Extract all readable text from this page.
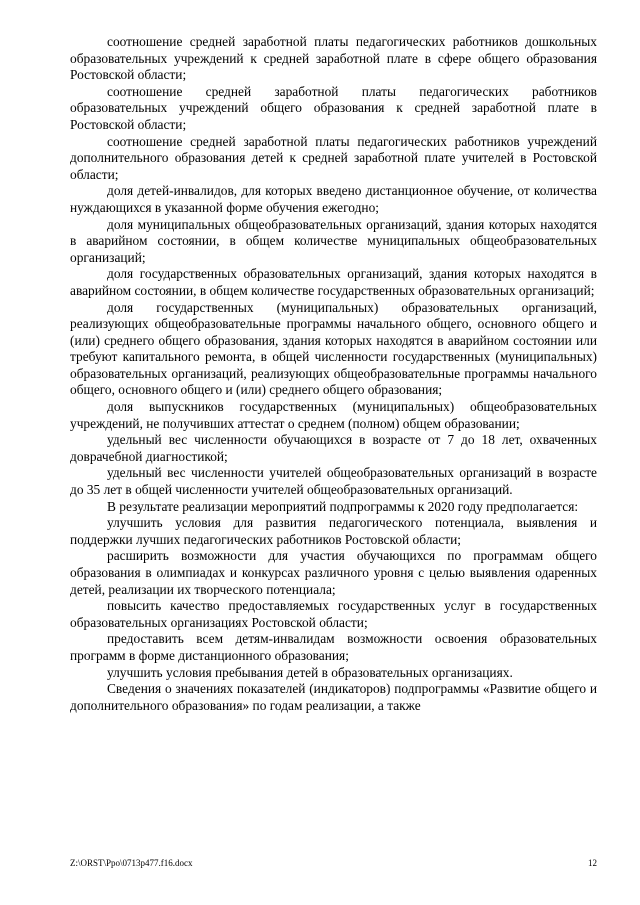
соотношение средней заработной платы педагогических работников дошкольных образовательных учреждений к средней заработной плате в сфере общего образования Ростовской области;

соотношение средней заработной платы педагогических работников образовательных учреждений общего образования к средней заработной плате в Ростовской области;

соотношение средней заработной платы педагогических работников учреждений дополнительного образования детей к средней заработной плате учителей в Ростовской области;

доля детей-инвалидов, для которых введено дистанционное обучение, от количества нуждающихся в указанной форме обучения ежегодно;

доля муниципальных общеобразовательных организаций, здания которых находятся в аварийном состоянии, в общем количестве муниципальных общеобразовательных организаций;

доля государственных образовательных организаций, здания которых находятся в аварийном состоянии, в общем количестве государственных образовательных организаций;

доля государственных (муниципальных) образовательных организаций, реализующих общеобразовательные программы начального общего, основного общего и (или) среднего общего образования, здания которых находятся в аварийном состоянии или требуют капитального ремонта, в общей численности государственных (муниципальных) образовательных организаций, реализующих общеобразовательные программы начального общего, основного общего и (или) среднего общего образования;

доля выпускников государственных (муниципальных) общеобразовательных учреждений, не получивших аттестат о среднем (полном) общем образовании;

удельный вес численности обучающихся в возрасте от 7 до 18 лет, охваченных доврачебной диагностикой;

удельный вес численности учителей общеобразовательных организаций в возрасте до 35 лет в общей численности учителей общеобразовательных организаций.

В результате реализации мероприятий подпрограммы к 2020 году предполагается:

улучшить условия для развития педагогического потенциала, выявления и поддержки лучших педагогических работников Ростовской области;

расширить возможности для участия обучающихся по программам общего образования в олимпиадах и конкурсах различного уровня с целью выявления одаренных детей, реализации их творческого потенциала;

повысить качество предоставляемых государственных услуг в государственных образовательных организациях Ростовской области;

предоставить всем детям-инвалидам возможности освоения образовательных программ в форме дистанционного образования;

улучшить условия пребывания детей в образовательных организациях.

Сведения о значениях показателей (индикаторов) подпрограммы «Развитие общего и дополнительного образования» по годам реализации, а также

Z:\ORST\Ppo\0713p477.f16.docx	12
